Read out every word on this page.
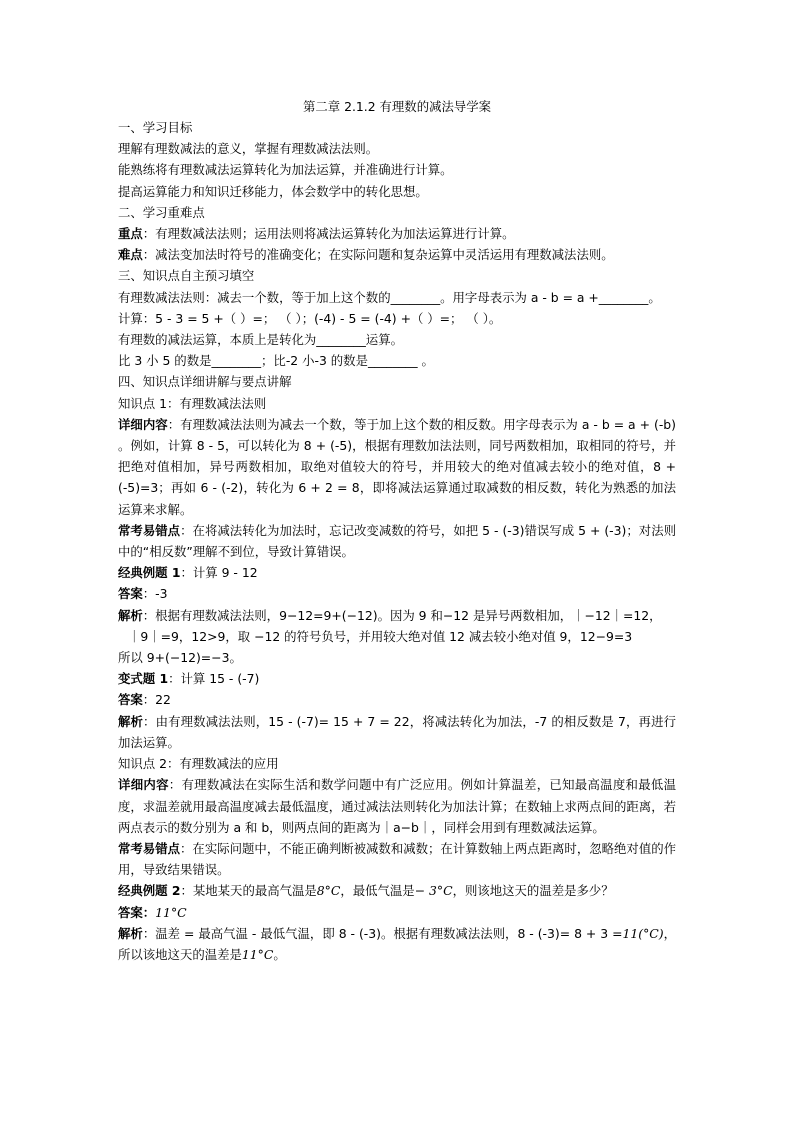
第二章 2.1.2 有理数的减法导学案
一、学习目标
理解有理数减法的意义，掌握有理数减法法则。
能熟练将有理数减法运算转化为加法运算，并准确进行计算。
提高运算能力和知识迁移能力，体会数学中的转化思想。
二、学习重难点
重点：有理数减法法则；运用法则将减法运算转化为加法运算进行计算。
难点：减法变加法时符号的准确变化；在实际问题和复杂运算中灵活运用有理数减法法则。
三、知识点自主预习填空
有理数减法法则：减去一个数，等于加上这个数的________。用字母表示为 a - b = a +________。
计算：5 - 3 = 5 +（ ）=； （ ）；(-4) - 5 = (-4) +（ ）=； （ ）。
有理数的减法运算，本质上是转化为________运算。
比 3 小 5 的数是________；比-2 小-3 的数是________ 。
四、知识点详细讲解与要点讲解
知识点 1：有理数减法法则
详细内容：有理数减法法则为减去一个数，等于加上这个数的相反数。用字母表示为 a - b = a + (-b) 。例如，计算 8 - 5，可以转化为 8 + (-5)，根据有理数加法法则，同号两数相加，取相同的符号，并把绝对值相加，异号两数相加，取绝对值较大的符号，并用较大的绝对值减去较小的绝对值，8 + (-5)=3；再如 6 - (-2)，转化为 6 + 2 = 8，即将减法运算通过取减数的相反数，转化为熟悉的加法运算来求解。
常考易错点：在将减法转化为加法时，忘记改变减数的符号，如把 5 - (-3)错误写成 5 + (-3)；对法则中的“相反数”理解不到位，导致计算错误。
经典例题 1：计算 9 - 12
答案：-3
解析：根据有理数减法法则，9−12=9+(−12)。因为 9 和−12 是异号两数相加，｜−12｜=12，
｜9｜=9，12>9，取 −12 的符号负号，并用较大绝对值 12 减去较小绝对值 9，12−9=3
所以 9+(−12)=−3。
变式题 1：计算 15 - (-7)
答案：22
解析：由有理数减法法则，15 - (-7)= 15 + 7 = 22，将减法转化为加法，-7 的相反数是 7，再进行加法运算。
知识点 2：有理数减法的应用
详细内容：有理数减法在实际生活和数学问题中有广泛应用。例如计算温差，已知最高温度和最低温度，求温差就用最高温度减去最低温度，通过减法法则转化为加法计算；在数轴上求两点间的距离，若两点表示的数分别为 a 和 b，则两点间的距离为｜a−b｜，同样会用到有理数减法运算。
常考易错点：在实际问题中，不能正确判断被减数和减数；在计算数轴上两点距离时，忽略绝对值的作用，导致结果错误。
经典例题 2：某地某天的最高气温是8°C，最低气温是− 3°C，则该地这天的温差是多少？
答案：11°C
解析：温差 = 最高气温 - 最低气温，即 8 - (-3)。根据有理数减法法则，8 - (-3)= 8 + 3 =11(°C)，所以该地这天的温差是11°C。
